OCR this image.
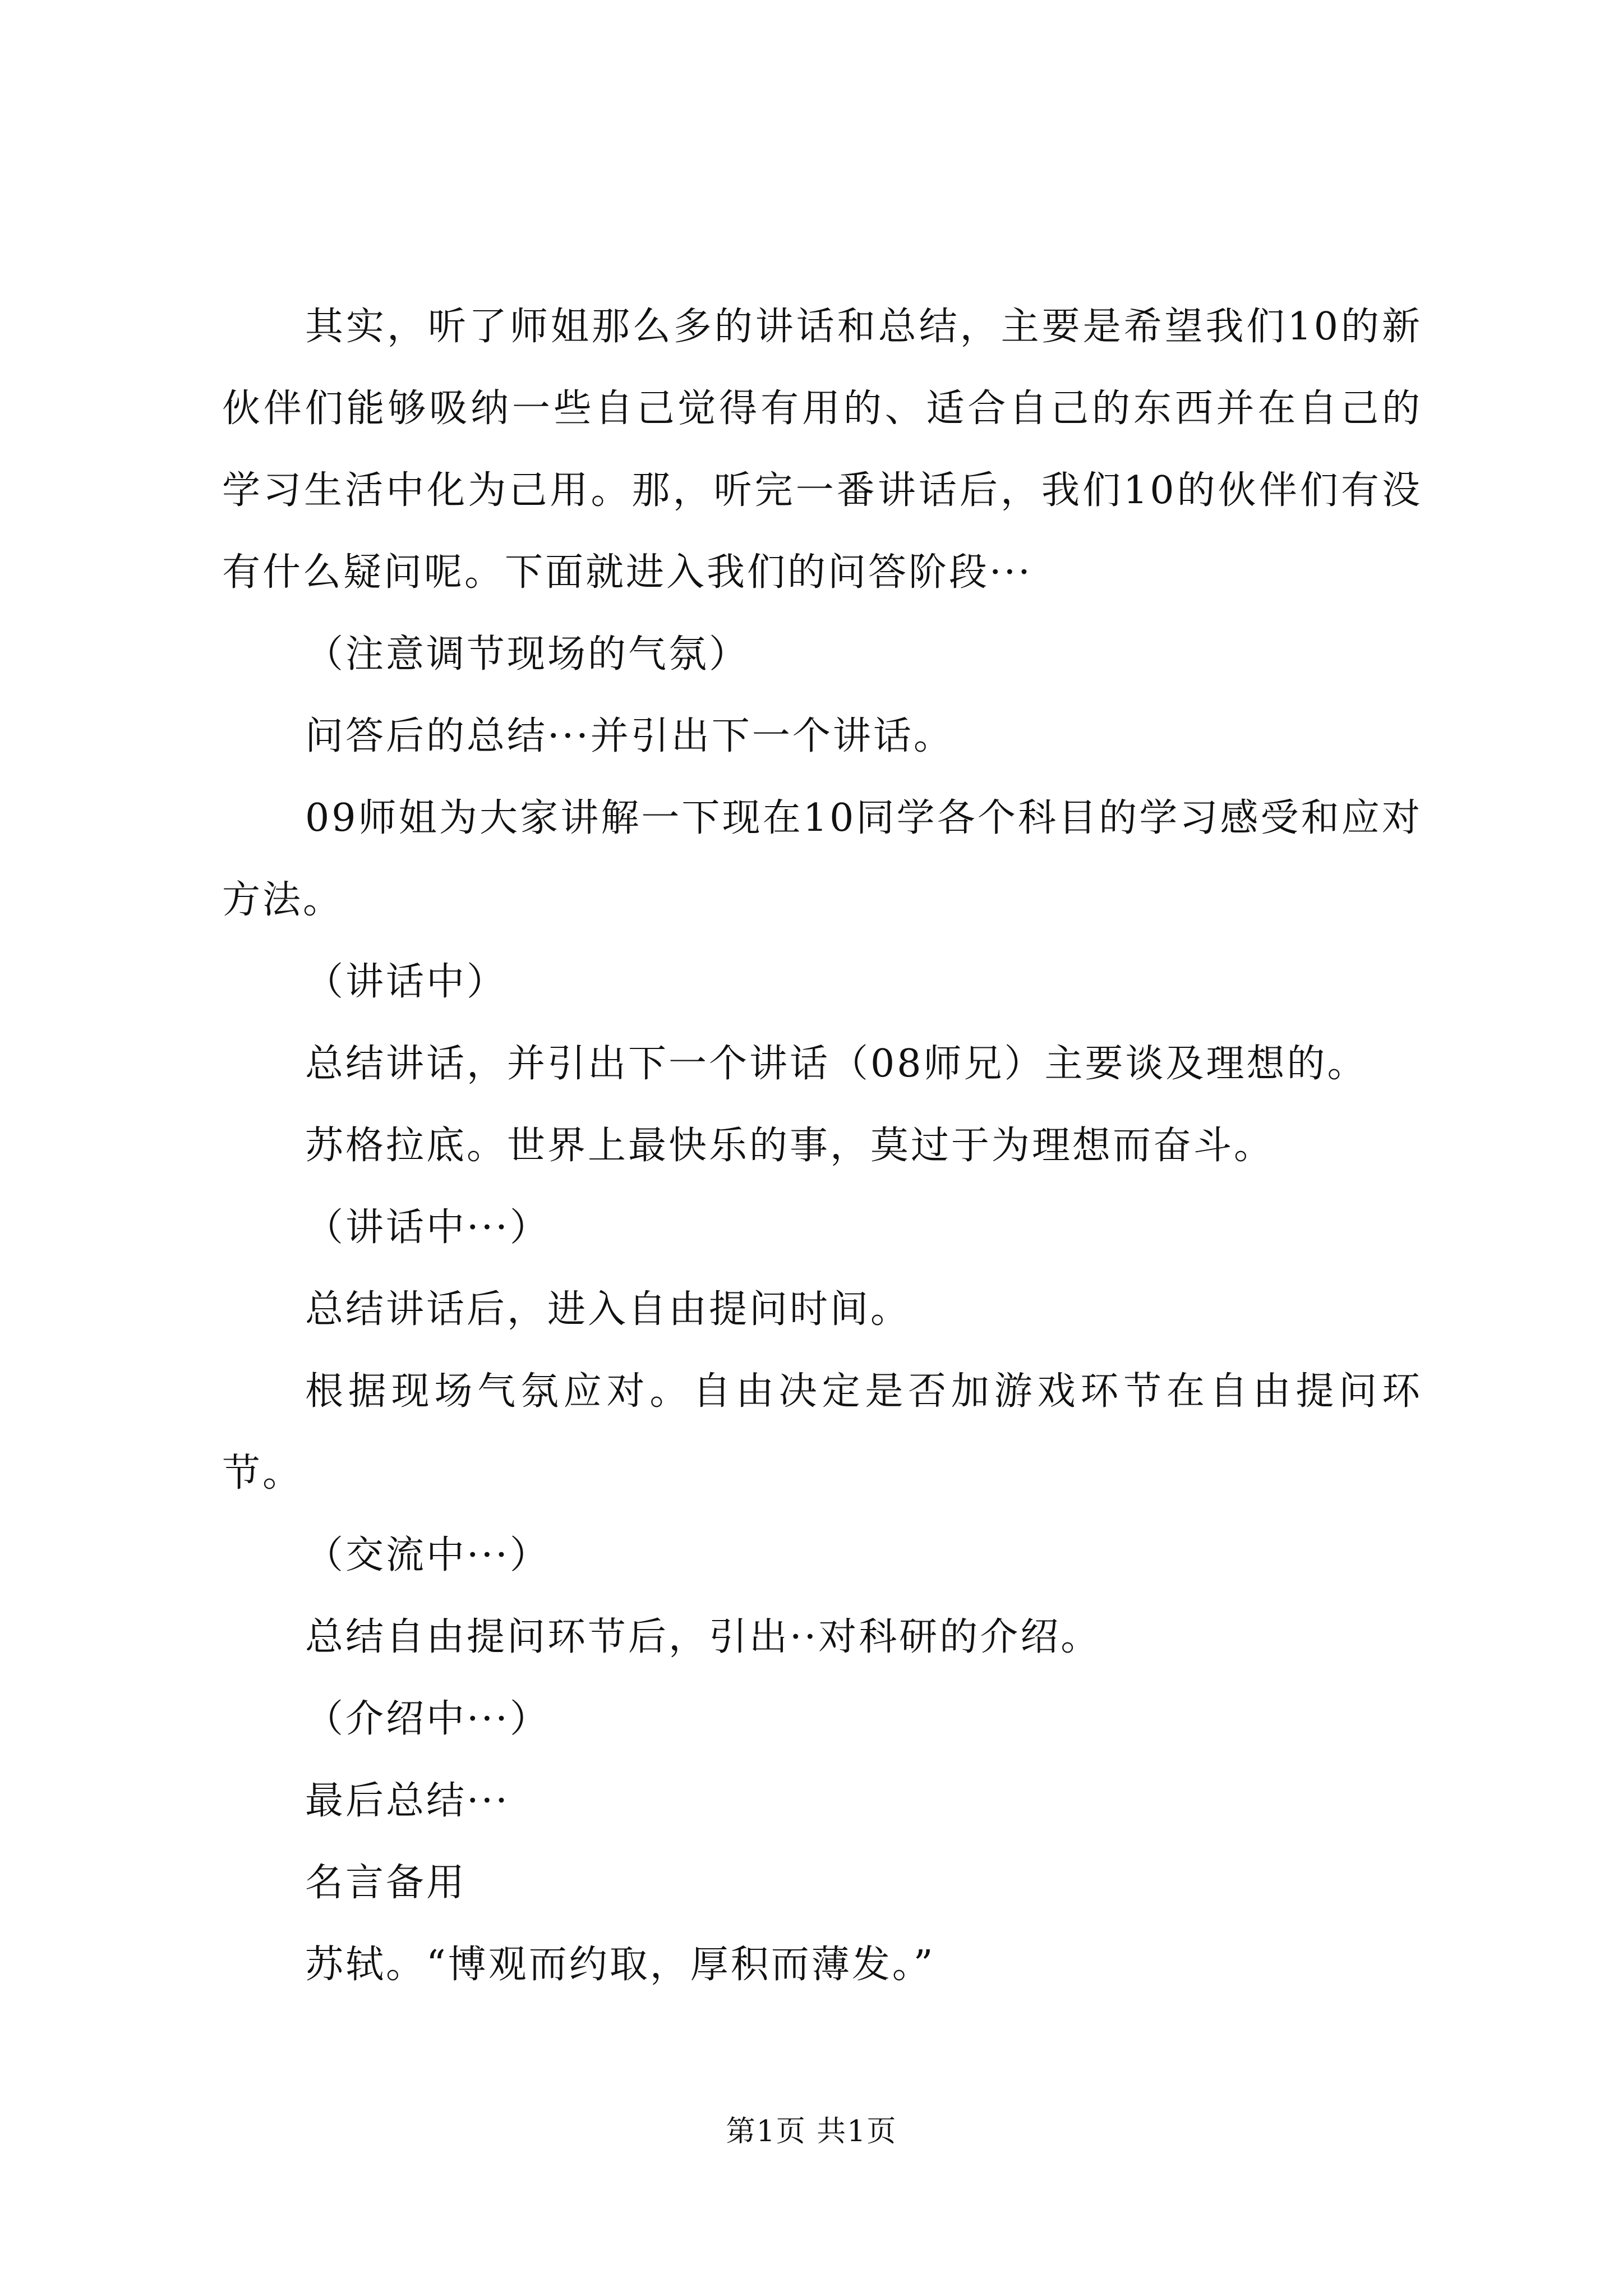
其实，听了师姐那么多的讲话和总结，主要是希望我们10的新伙伴们能够吸纳一些自己觉得有用的、适合自己的东西并在自己的学习生活中化为己用。那，听完一番讲话后，我们10的伙伴们有没有什么疑问呢。下面就进入我们的问答阶段···

（注意调节现场的气氛）

问答后的总结···并引出下一个讲话。

09师姐为大家讲解一下现在10同学各个科目的学习感受和应对方法。

（讲话中）

总结讲话，并引出下一个讲话（08师兄）主要谈及理想的。

苏格拉底。世界上最快乐的事，莫过于为理想而奋斗。

（讲话中···）

总结讲话后，进入自由提问时间。

根据现场气氛应对。自由决定是否加游戏环节在自由提问环节。

（交流中···）

总结自由提问环节后，引出··对科研的介绍。

（介绍中···）

最后总结···

名言备用

苏轼。“博观而约取，厚积而薄发。”

第1页 共1页
